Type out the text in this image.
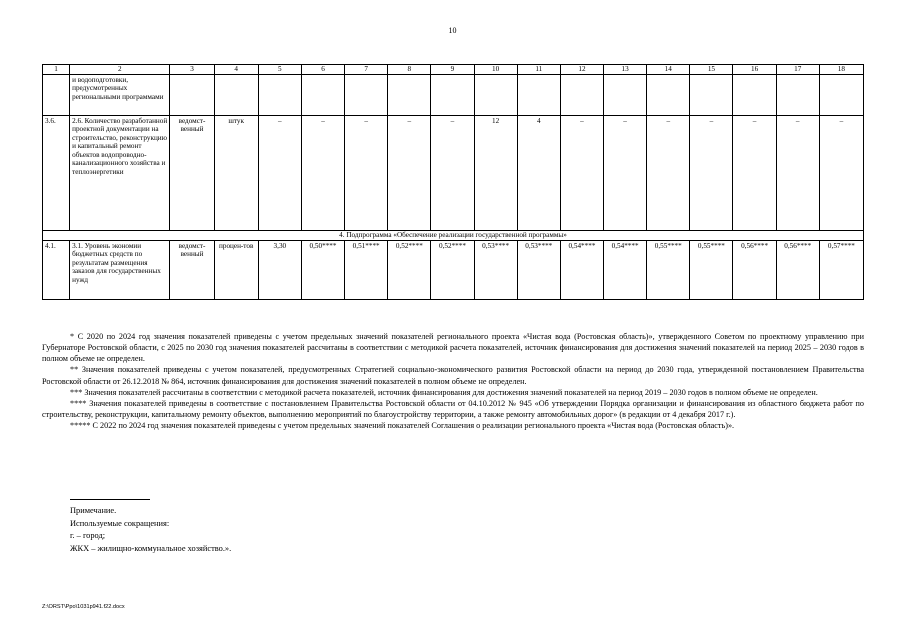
10
1	2	3	4	5	6	7	8	9	10	11	12	13	14	15	16	17	18
	и водоподготовки, предусмотренных региональными программами																
3.6.	2.6. Количество разработанной проектной документации на строительство, реконструкцию и капитальный ремонт объектов водопроводно-канализационного хозяйства и теплоэнергетики	ведомст-венный	штук	–	–	–	–	–	12	4	–	–	–	–	–	–	–
4. Подпрограмма «Обеспечение реализации государственной программы»																	
4.1.	3.1. Уровень экономии бюджетных средств по результатам размещения заказов для государственных нужд	ведомст-венный	процен-тов	3,30	0,50****	0,51****	0,52****	0,52****	0,53****	0,53****	0,54****	0,54****	0,55****	0,55****	0,56****	0,56****	0,57****

* С 2020 по 2024 год значения показателей приведены с учетом предельных значений показателей регионального проекта «Чистая вода (Ростовская область)», утвержденного Советом по проектному управлению при Губернаторе Ростовской области, с 2025 по 2030 год значения показателей рассчитаны в соответствии с методикой расчета показателей, источник финансирования для достижения значений показателей на период 2025 – 2030 годов в полном объеме не определен.

** Значения показателей приведены с учетом показателей, предусмотренных Стратегией социально-экономического развития Ростовской области на период до 2030 года, утвержденной постановлением Правительства Ростовской области от 26.12.2018 № 864, источник финансирования для достижения значений показателей в полном объеме не определен.

*** Значения показателей рассчитаны в соответствии с методикой расчета показателей, источник финансирования для достижения значений показателей на период 2019 – 2030 годов в полном объеме не определен.

**** Значения показателей приведены в соответствие с постановлением Правительства Ростовской области от 04.10.2012 № 945 «Об утверждении Порядка организации и финансирования из областного бюджета работ по строительству, реконструкции, капитальному ремонту объектов, выполнению мероприятий по благоустройству территории, а также ремонту автомобильных дорог» (в редакции от 4 декабря 2017 г.).

***** С 2022 по 2024 год значения показателей приведены с учетом предельных значений показателей Соглашения о реализации регионального проекта «Чистая вода (Ростовская область)».

Примечание.
Используемые сокращения:
г. – город;
ЖКХ – жилищно-коммунальное хозяйство.».
Z:\ORST\Ppo\1031p941.f22.docx
